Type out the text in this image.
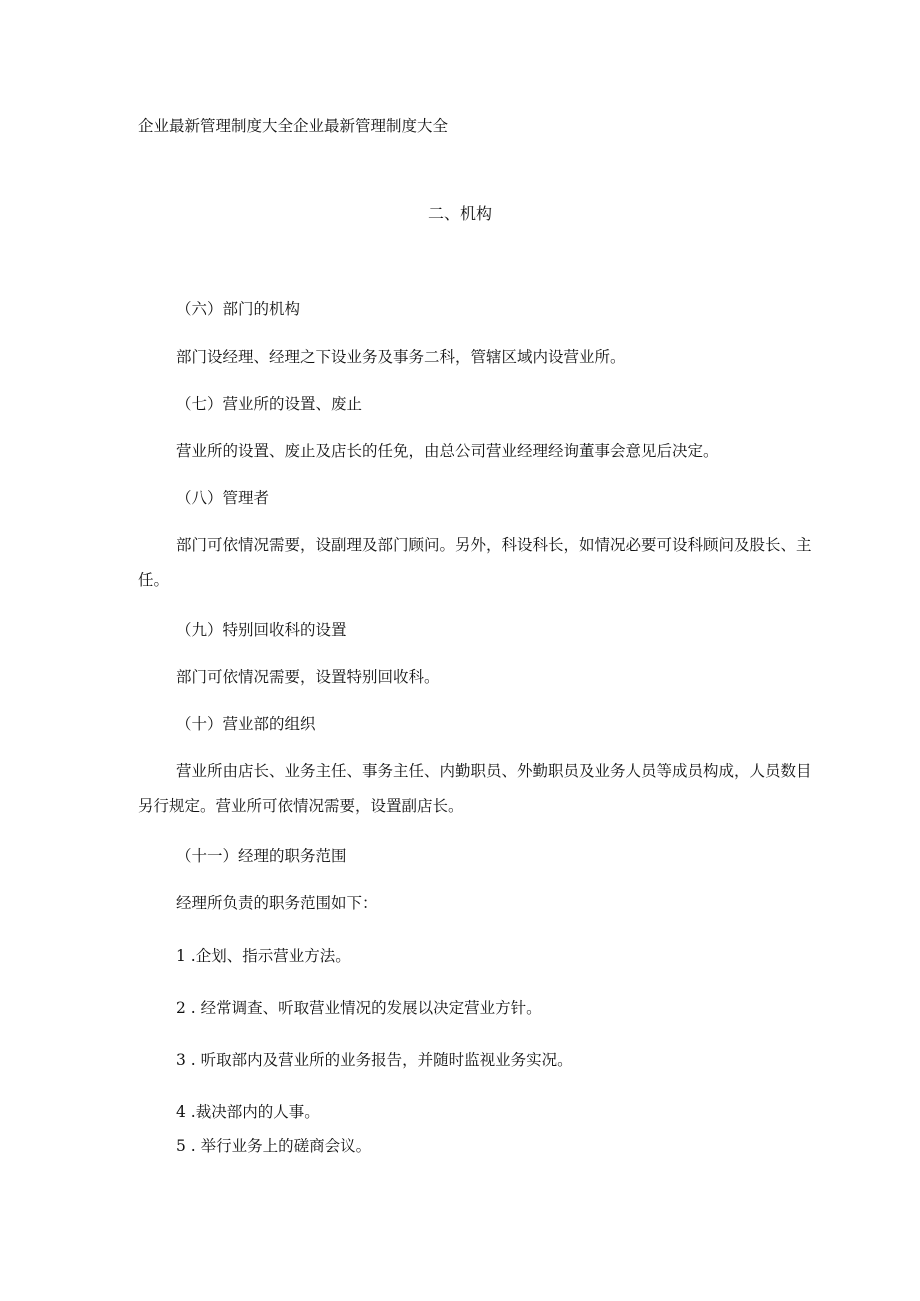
企业最新管理制度大全企业最新管理制度大全
二、机构
（六）部门的机构
部门设经理、经理之下设业务及事务二科，管辖区域内设营业所。
（七）营业所的设置、废止
营业所的设置、废止及店长的任免，由总公司营业经理经询董事会意见后决定。
（八）管理者
部门可依情况需要，设副理及部门顾问。另外，科设科长，如情况必要可设科顾问及股长、主任。
（九）特别回收科的设置
部门可依情况需要，设置特别回收科。
（十）营业部的组织
营业所由店长、业务主任、事务主任、内勤职员、外勤职员及业务人员等成员构成，人员数目另行规定。营业所可依情况需要，设置副店长。
（十一）经理的职务范围
经理所负责的职务范围如下：
1 .企划、指示营业方法。
2 . 经常调查、听取营业情况的发展以决定营业方针。
3 . 听取部内及营业所的业务报告，并随时监视业务实况。
4 .裁决部内的人事。
5 . 举行业务上的磋商会议。
